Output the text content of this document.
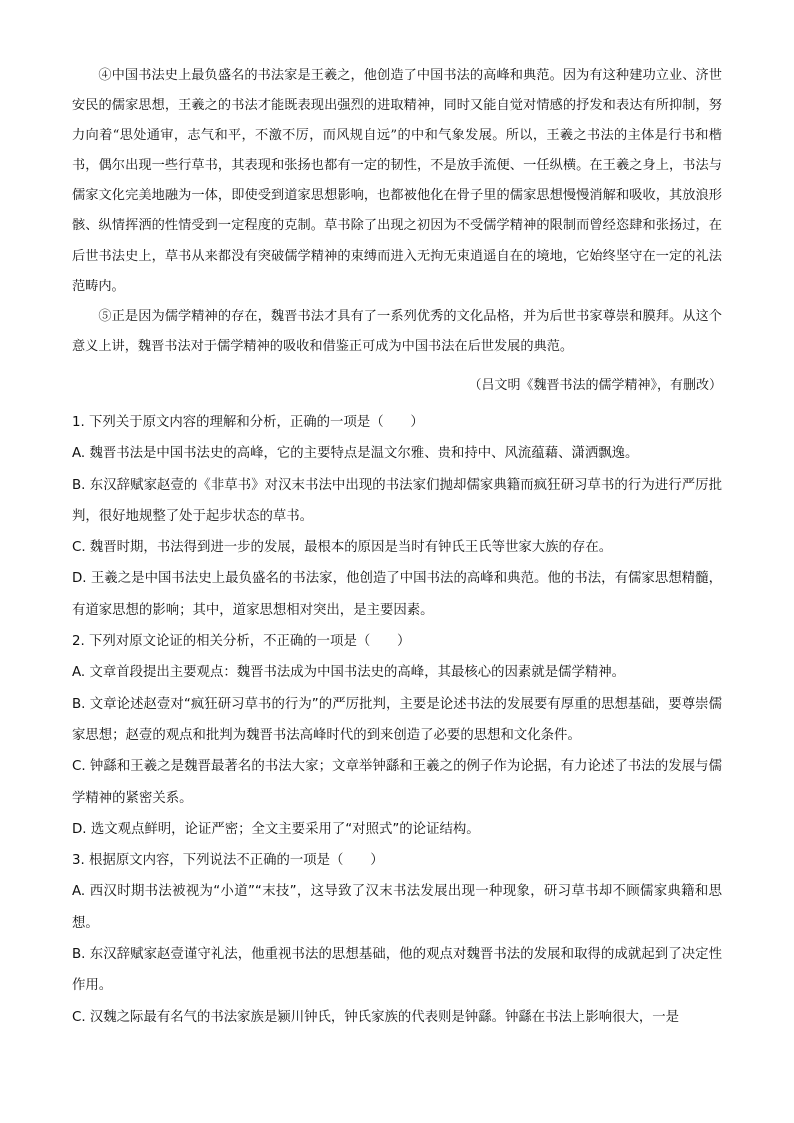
④中国书法史上最负盛名的书法家是王羲之，他创造了中国书法的高峰和典范。因为有这种建功立业、济世安民的儒家思想，王羲之的书法才能既表现出强烈的进取精神，同时又能自觉对情感的抒发和表达有所抑制，努力向着“思处通审，志气和平，不激不厉，而风规自远”的中和气象发展。所以，王羲之书法的主体是行书和楷书，偶尔出现一些行草书，其表现和张扬也都有一定的韧性，不是放手流便、一任纵横。在王羲之身上，书法与儒家文化完美地融为一体，即使受到道家思想影响，也都被他化在骨子里的儒家思想慢慢消解和吸收，其放浪形骸、纵情挥洒的性情受到一定程度的克制。草书除了出现之初因为不受儒学精神的限制而曾经恣肆和张扬过，在后世书法史上，草书从来都没有突破儒学精神的束缚而进入无拘无束逍遥自在的境地，它始终坚守在一定的礼法范畴内。

⑤正是因为儒学精神的存在，魏晋书法才具有了一系列优秀的文化品格，并为后世书家尊崇和膜拜。从这个意义上讲，魏晋书法对于儒学精神的吸收和借鉴正可成为中国书法在后世发展的典范。

（吕文明《魏晋书法的儒学精神》，有删改）

1. 下列关于原文内容的理解和分析，正确的一项是（　　）

A. 魏晋书法是中国书法史的高峰，它的主要特点是温文尔雅、贵和持中、风流蕴藉、潇洒飘逸。

B. 东汉辞赋家赵壹的《非草书》对汉末书法中出现的书法家们抛却儒家典籍而疯狂研习草书的行为进行严厉批判，很好地规整了处于起步状态的草书。

C. 魏晋时期，书法得到进一步的发展，最根本的原因是当时有钟氏王氏等世家大族的存在。

D. 王羲之是中国书法史上最负盛名的书法家，他创造了中国书法的高峰和典范。他的书法，有儒家思想精髓，有道家思想的影响；其中，道家思想相对突出，是主要因素。

2. 下列对原文论证的相关分析，不正确的一项是（　　）

A. 文章首段提出主要观点：魏晋书法成为中国书法史的高峰，其最核心的因素就是儒学精神。

B. 文章论述赵壹对“疯狂研习草书的行为”的严厉批判，主要是论述书法的发展要有厚重的思想基础，要尊崇儒家思想；赵壹的观点和批判为魏晋书法高峰时代的到来创造了必要的思想和文化条件。

C. 钟繇和王羲之是魏晋最著名的书法大家；文章举钟繇和王羲之的例子作为论据，有力论述了书法的发展与儒学精神的紧密关系。

D. 选文观点鲜明，论证严密；全文主要采用了“对照式”的论证结构。

3. 根据原文内容，下列说法不正确的一项是（　　）

A. 西汉时期书法被视为“小道”“末技”，这导致了汉末书法发展出现一种现象，研习草书却不顾儒家典籍和思想。

B. 东汉辞赋家赵壹谨守礼法，他重视书法的思想基础，他的观点对魏晋书法的发展和取得的成就起到了决定性作用。

C. 汉魏之际最有名气的书法家族是颍川钟氏，钟氏家族的代表则是钟繇。钟繇在书法上影响很大，一是
